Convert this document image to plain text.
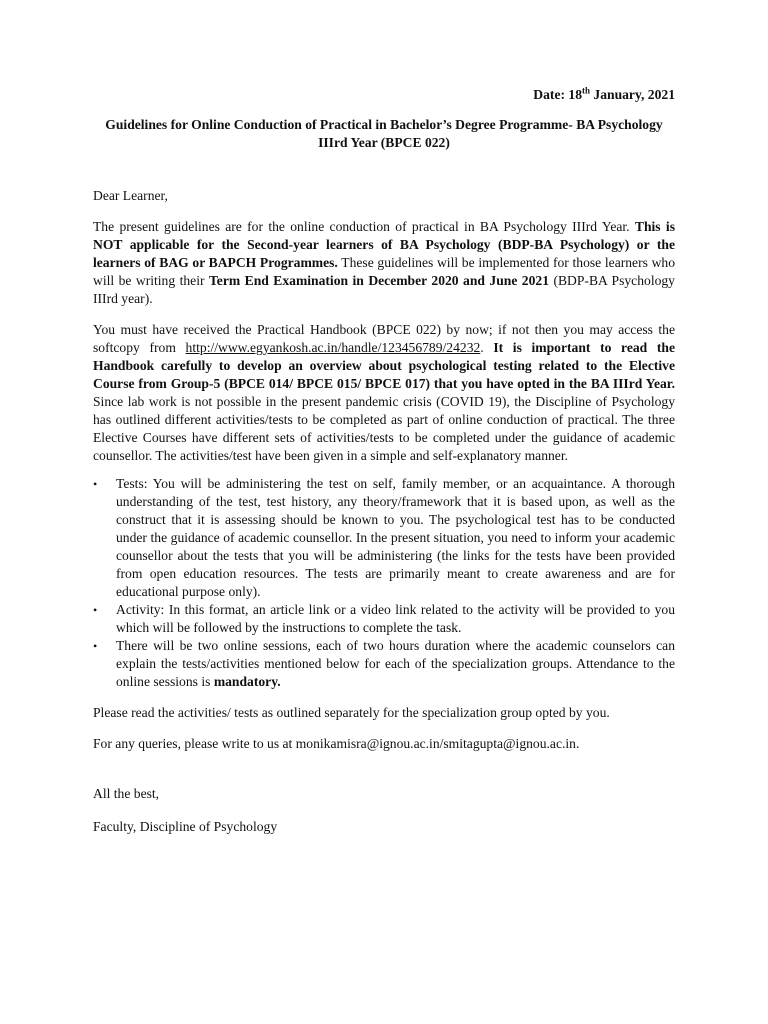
Date: 18th January, 2021
Guidelines for Online Conduction of Practical in Bachelor’s Degree Programme- BA Psychology IIIrd Year (BPCE 022)
Dear Learner,

The present guidelines are for the online conduction of practical in BA Psychology IIIrd Year. This is NOT applicable for the Second-year learners of BA Psychology (BDP-BA Psychology) or the learners of BAG or BAPCH Programmes. These guidelines will be implemented for those learners who will be writing their Term End Examination in December 2020 and June 2021 (BDP-BA Psychology IIIrd year).

You must have received the Practical Handbook (BPCE 022) by now; if not then you may access the softcopy from http://www.egyankosh.ac.in/handle/123456789/24232. It is important to read the Handbook carefully to develop an overview about psychological testing related to the Elective Course from Group-5 (BPCE 014/ BPCE 015/ BPCE 017) that you have opted in the BA IIIrd Year. Since lab work is not possible in the present pandemic crisis (COVID 19), the Discipline of Psychology has outlined different activities/tests to be completed as part of online conduction of practical. The three Elective Courses have different sets of activities/tests to be completed under the guidance of academic counsellor. The activities/test have been given in a simple and self-explanatory manner.

• Tests: You will be administering the test on self, family member, or an acquaintance. A thorough understanding of the test, test history, any theory/framework that it is based upon, as well as the construct that it is assessing should be known to you. The psychological test has to be conducted under the guidance of academic counsellor. In the present situation, you need to inform your academic counsellor about the tests that you will be administering (the links for the tests have been provided from open education resources. The tests are primarily meant to create awareness and are for educational purpose only).
• Activity: In this format, an article link or a video link related to the activity will be provided to you which will be followed by the instructions to complete the task.
• There will be two online sessions, each of two hours duration where the academic counselors can explain the tests/activities mentioned below for each of the specialization groups. Attendance to the online sessions is mandatory.

Please read the activities/ tests as outlined separately for the specialization group opted by you.

For any queries, please write to us at monikamisra@ignou.ac.in/smitagupta@ignou.ac.in.

All the best,
Faculty, Discipline of Psychology
